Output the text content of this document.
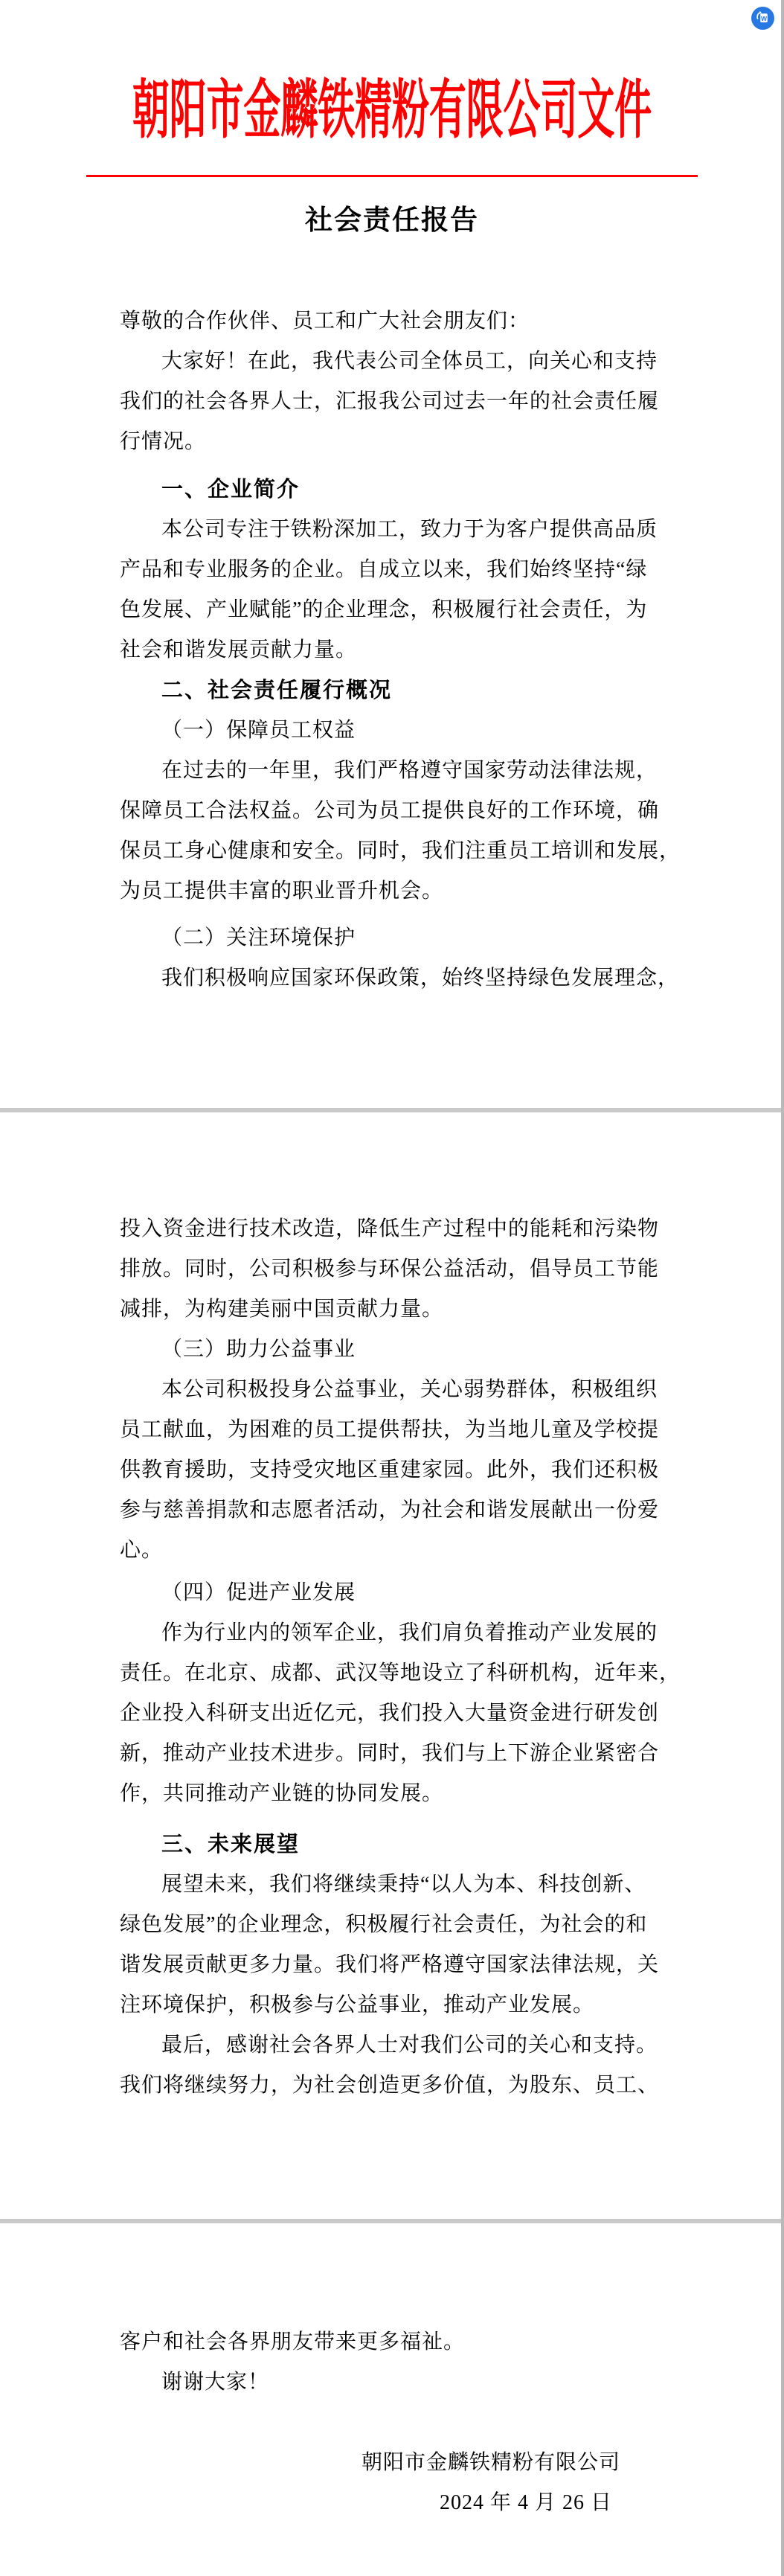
朝阳市金麟铁精粉有限公司文件
社会责任报告
尊敬的合作伙伴、员工和广大社会朋友们：
大家好！在此，我代表公司全体员工，向关心和支持
我们的社会各界人士，汇报我公司过去一年的社会责任履
行情况。
一、企业简介
本公司专注于铁粉深加工，致力于为客户提供高品质
产品和专业服务的企业。自成立以来，我们始终坚持“绿
色发展、产业赋能”的企业理念，积极履行社会责任，为
社会和谐发展贡献力量。
二、社会责任履行概况
（一）保障员工权益
在过去的一年里，我们严格遵守国家劳动法律法规，
保障员工合法权益。公司为员工提供良好的工作环境，确
保员工身心健康和安全。同时，我们注重员工培训和发展，
为员工提供丰富的职业晋升机会。
（二）关注环境保护
我们积极响应国家环保政策，始终坚持绿色发展理念，
投入资金进行技术改造，降低生产过程中的能耗和污染物
排放。同时，公司积极参与环保公益活动，倡导员工节能
减排，为构建美丽中国贡献力量。
（三）助力公益事业
本公司积极投身公益事业，关心弱势群体，积极组织
员工献血，为困难的员工提供帮扶，为当地儿童及学校提
供教育援助，支持受灾地区重建家园。此外，我们还积极
参与慈善捐款和志愿者活动，为社会和谐发展献出一份爱
心。
（四）促进产业发展
作为行业内的领军企业，我们肩负着推动产业发展的
责任。在北京、成都、武汉等地设立了科研机构，近年来，
企业投入科研支出近亿元，我们投入大量资金进行研发创
新，推动产业技术进步。同时，我们与上下游企业紧密合
作，共同推动产业链的协同发展。
三、未来展望
展望未来，我们将继续秉持“以人为本、科技创新、
绿色发展”的企业理念，积极履行社会责任，为社会的和
谐发展贡献更多力量。我们将严格遵守国家法律法规，关
注环境保护，积极参与公益事业，推动产业发展。
最后，感谢社会各界人士对我们公司的关心和支持。
我们将继续努力，为社会创造更多价值，为股东、员工、
客户和社会各界朋友带来更多福祉。
谢谢大家！
朝阳市金麟铁精粉有限公司
2024 年 4 月 26 日
W
